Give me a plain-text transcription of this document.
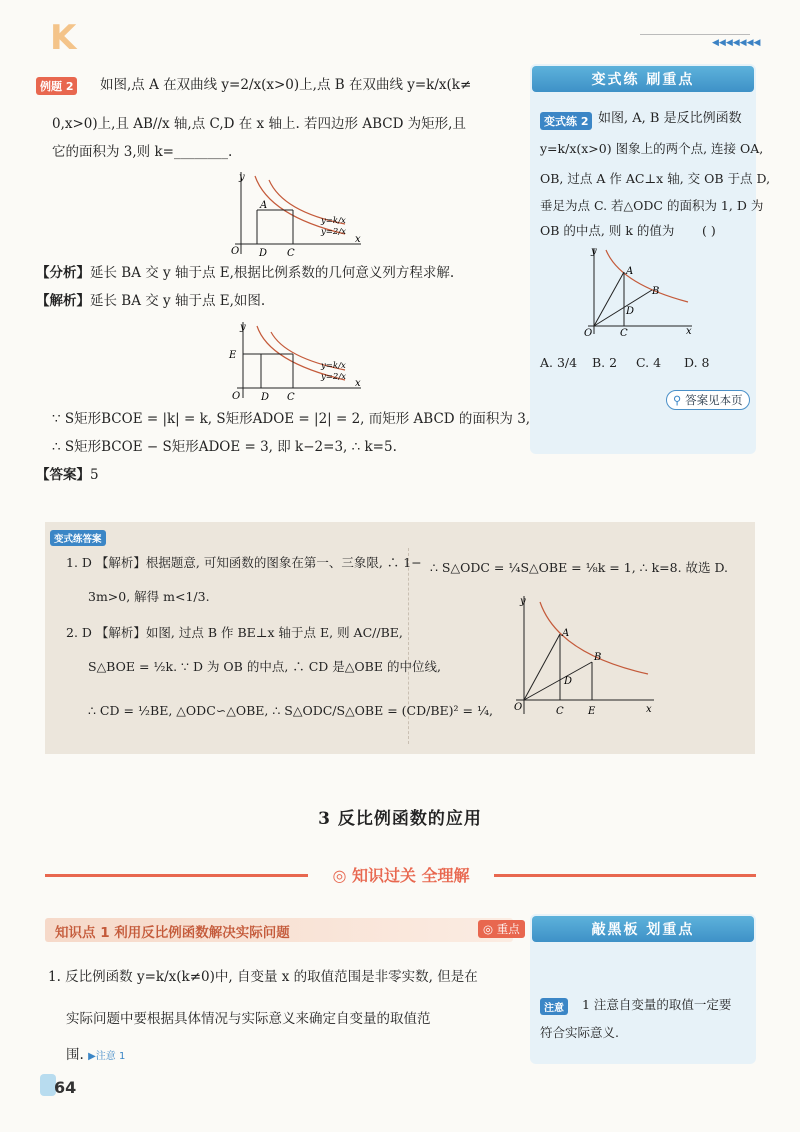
K	◀◀◀◀◀◀◀
例题 2 如图,点 A 在双曲线 y=2/x(x>0)上,点 B 在双曲线 y=k/x(k≠
0,x>0)上,且 AB//x 轴,点 C,D 在 x 轴上. 若四边形 ABCD 为矩形,且
它的面积为 3,则 k=________.
y
x
O D C
A
y=k/x
y=2/x
【分析】延长 BA 交 y 轴于点 E,根据比例系数的几何意义列方程求解.
【解析】延长 BA 交 y 轴于点 E,如图.
y
x
O
E
D C
y=k/x
y=2/x
∵ S矩形BCOE = |k| = k, S矩形ADOE = |2| = 2, 而矩形 ABCD 的面积为 3,
∴ S矩形BCOE − S矩形ADOE = 3, 即 k−2=3, ∴ k=5.
【答案】5
变式练 刷重点
变式练 2 如图, A, B 是反比例函数
y=k/x(x>0) 图象上的两个点, 连接 OA,
OB, 过点 A 作 AC⊥x 轴, 交 OB 于点 D,
垂足为点 C. 若△ODC 的面积为 1, D 为
OB 的中点, 则 k 的值为 ( )
y
x
O
A
B
C
D
A. 3/4 B. 2 C. 4 D. 8
⚲ 答案见本页
变式练答案
1. D 【解析】根据题意, 可知函数的图象在第一、三象限, ∴ 1−
3m>0, 解得 m<1/3.
2. D 【解析】如图, 过点 B 作 BE⊥x 轴于点 E, 则 AC//BE,
S△BOE = ½k. ∵ D 为 OB 的中点, ∴ CD 是△OBE 的中位线,
∴ CD = ½BE, △ODC∽△OBE, ∴ S△ODC/S△OBE = (CD/BE)² = ¼,
∴ S△ODC = ¼S△OBE = ⅛k = 1, ∴ k=8. 故选 D.
y
x
O
A
B
C
D
E
3 反比例函数的应用
◎ 知识过关 全理解
知识点 1 利用反比例函数解决实际问题	◎ 重点
1. 反比例函数 y=k/x(k≠0)中, 自变量 x 的取值范围是非零实数, 但是在
实际问题中要根据具体情况与实际意义来确定自变量的取值范
围. ▶注意 1
敲黑板 划重点
注意	1 注意自变量的取值一定要
符合实际意义.
64
